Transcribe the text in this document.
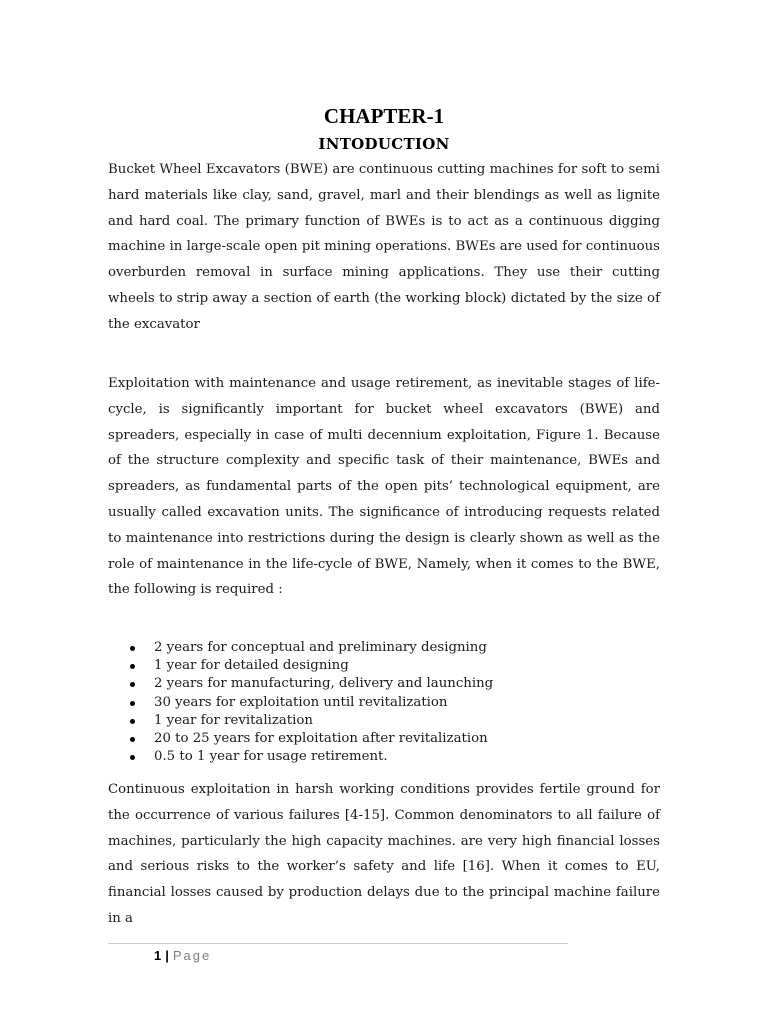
CHAPTER-1
INTODUCTION

Bucket Wheel Excavators (BWE) are continuous cutting machines for soft to semi hard materials like clay, sand, gravel, marl and their blendings as well as lignite and hard coal. The primary function of BWEs is to act as a continuous digging machine in large-scale open pit mining operations. BWEs are used for continuous overburden removal in surface mining applications. They use their cutting wheels to strip away a section of earth (the working block) dictated by the size of the excavator

Exploitation with maintenance and usage retirement, as inevitable stages of life-cycle, is significantly important for bucket wheel excavators (BWE) and spreaders, especially in case of multi decennium exploitation, Figure 1. Because of the structure complexity and specific task of their maintenance, BWEs and spreaders, as fundamental parts of the open pits’ technological equipment, are usually called excavation units. The significance of introducing requests related to maintenance into restrictions during the design is clearly shown as well as the role of maintenance in the life-cycle of BWE, Namely, when it comes to the BWE, the following is required :

2 years for conceptual and preliminary designing
1 year for detailed designing
2 years for manufacturing, delivery and launching
30 years for exploitation until revitalization
1 year for revitalization
20 to 25 years for exploitation after revitalization
0.5 to 1 year for usage retirement.

Continuous exploitation in harsh working conditions provides fertile ground for the occurrence of various failures [4-15]. Common denominators to all failure of machines, particularly the high capacity machines. are very high financial losses and serious risks to the worker’s safety and life [16]. When it comes to EU, financial losses caused by production delays due to the principal machine failure in a

1 | Page
